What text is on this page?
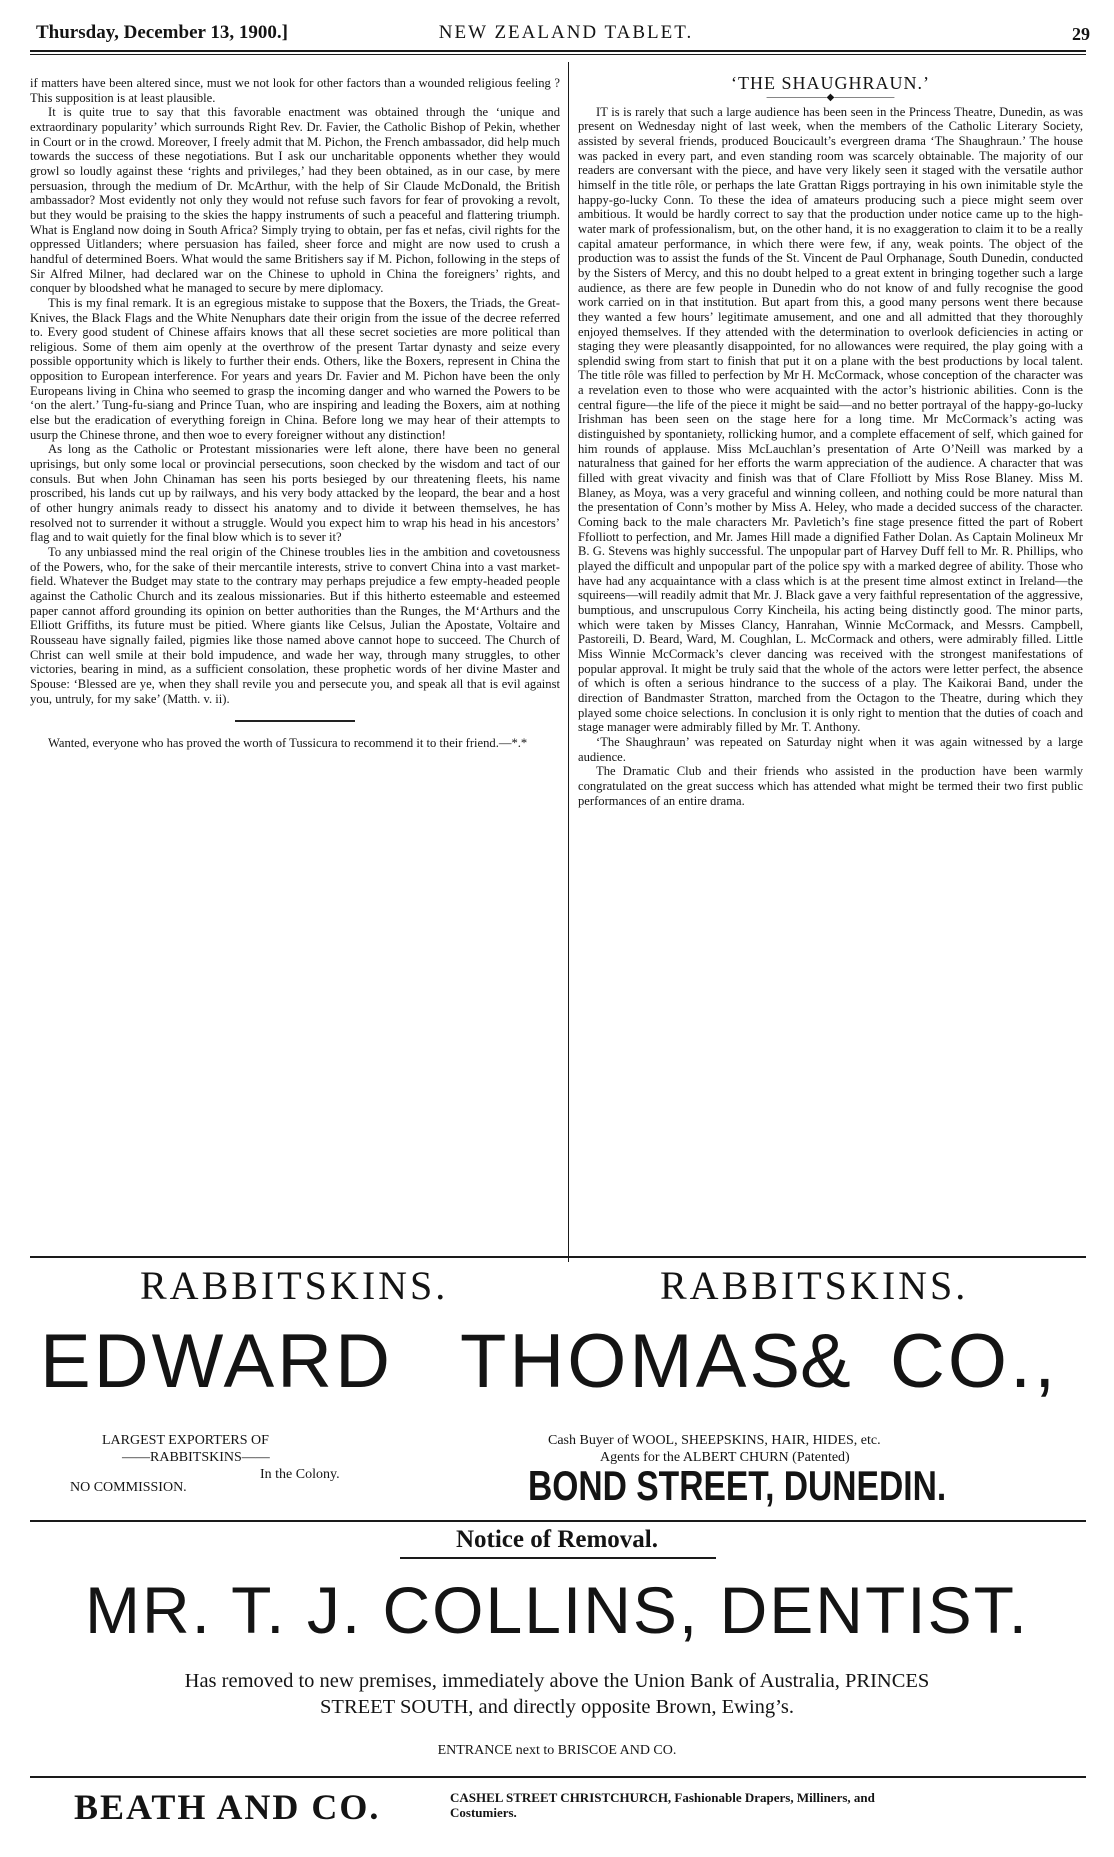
Thursday, December 13, 1900.]	NEW ZEALAND TABLET.	29

if matters have been altered since, must we not look for other factors than a wounded religious feeling ? This supposition is at least plausible.

It is quite true to say that this favorable enactment was obtained through the ‘unique and extraordinary popularity’ which surrounds Right Rev. Dr. Favier, the Catholic Bishop of Pekin, whether in Court or in the crowd. Moreover, I freely admit that M. Pichon, the French ambassador, did help much towards the success of these negotiations. But I ask our uncharitable opponents whether they would growl so loudly against these ‘rights and privileges,’ had they been obtained, as in our case, by mere persuasion, through the medium of Dr. McArthur, with the help of Sir Claude McDonald, the British ambassador? Most evidently not only they would not refuse such favors for fear of provoking a revolt, but they would be praising to the skies the happy instruments of such a peaceful and flattering triumph. What is England now doing in South Africa? Simply trying to obtain, per fas et nefas, civil rights for the oppressed Uitlanders; where persuasion has failed, sheer force and might are now used to crush a handful of determined Boers. What would the same Britishers say if M. Pichon, following in the steps of Sir Alfred Milner, had declared war on the Chinese to uphold in China the foreigners’ rights, and conquer by bloodshed what he managed to secure by mere diplomacy.

This is my final remark. It is an egregious mistake to suppose that the Boxers, the Triads, the Great-Knives, the Black Flags and the White Nenuphars date their origin from the issue of the decree referred to. Every good student of Chinese affairs knows that all these secret societies are more political than religious. Some of them aim openly at the overthrow of the present Tartar dynasty and seize every possible opportunity which is likely to further their ends. Others, like the Boxers, represent in China the opposition to European interference. For years and years Dr. Favier and M. Pichon have been the only Europeans living in China who seemed to grasp the incoming danger and who warned the Powers to be ‘on the alert.’ Tung-fu-siang and Prince Tuan, who are inspiring and leading the Boxers, aim at nothing else but the eradication of everything foreign in China. Before long we may hear of their attempts to usurp the Chinese throne, and then woe to every foreigner without any distinction!

As long as the Catholic or Protestant missionaries were left alone, there have been no general uprisings, but only some local or provincial persecutions, soon checked by the wisdom and tact of our consuls. But when John Chinaman has seen his ports besieged by our threatening fleets, his name proscribed, his lands cut up by railways, and his very body attacked by the leopard, the bear and a host of other hungry animals ready to dissect his anatomy and to divide it between themselves, he has resolved not to surrender it without a struggle. Would you expect him to wrap his head in his ancestors’ flag and to wait quietly for the final blow which is to sever it?

To any unbiassed mind the real origin of the Chinese troubles lies in the ambition and covetousness of the Powers, who, for the sake of their mercantile interests, strive to convert China into a vast market-field. Whatever the Budget may state to the contrary may perhaps prejudice a few empty-headed people against the Catholic Church and its zealous missionaries. But if this hitherto esteemable and esteemed paper cannot afford grounding its opinion on better authorities than the Runges, the M‘Arthurs and the Elliott Griffiths, its future must be pitied. Where giants like Celsus, Julian the Apostate, Voltaire and Rousseau have signally failed, pigmies like those named above cannot hope to succeed. The Church of Christ can well smile at their bold impudence, and wade her way, through many struggles, to other victories, bearing in mind, as a sufficient consolation, these prophetic words of her divine Master and Spouse: ‘Blessed are ye, when they shall revile you and persecute you, and speak all that is evil against you, untruly, for my sake’ (Matth. v. ii).

Wanted, everyone who has proved the worth of Tussicura to recommend it to their friend.—*.*

‘THE SHAUGHRAUN.’
——————◆——————

IT is is rarely that such a large audience has been seen in the Princess Theatre, Dunedin, as was present on Wednesday night of last week, when the members of the Catholic Literary Society, assisted by several friends, produced Boucicault’s evergreen drama ‘The Shaughraun.’ The house was packed in every part, and even standing room was scarcely obtainable. The majority of our readers are conversant with the piece, and have very likely seen it staged with the versatile author himself in the title rôle, or perhaps the late Grattan Riggs portraying in his own inimitable style the happy-go-lucky Conn. To these the idea of amateurs producing such a piece might seem over ambitious. It would be hardly correct to say that the production under notice came up to the high-water mark of professionalism, but, on the other hand, it is no exaggeration to claim it to be a really capital amateur performance, in which there were few, if any, weak points. The object of the production was to assist the funds of the St. Vincent de Paul Orphanage, South Dunedin, conducted by the Sisters of Mercy, and this no doubt helped to a great extent in bringing together such a large audience, as there are few people in Dunedin who do not know of and fully recognise the good work carried on in that institution. But apart from this, a good many persons went there because they wanted a few hours’ legitimate amusement, and one and all admitted that they thoroughly enjoyed themselves. If they attended with the determination to overlook deficiencies in acting or staging they were pleasantly disappointed, for no allowances were required, the play going with a splendid swing from start to finish that put it on a plane with the best productions by local talent. The title rôle was filled to perfection by Mr H. McCormack, whose conception of the character was a revelation even to those who were acquainted with the actor’s histrionic abilities. Conn is the central figure—the life of the piece it might be said—and no better portrayal of the happy-go-lucky Irishman has been seen on the stage here for a long time. Mr McCormack’s acting was distinguished by spontaniety, rollicking humor, and a complete effacement of self, which gained for him rounds of applause. Miss McLauchlan’s presentation of Arte O’Neill was marked by a naturalness that gained for her efforts the warm appreciation of the audience. A character that was filled with great vivacity and finish was that of Clare Ffolliott by Miss Rose Blaney. Miss M. Blaney, as Moya, was a very graceful and winning colleen, and nothing could be more natural than the presentation of Conn’s mother by Miss A. Heley, who made a decided success of the character. Coming back to the male characters Mr. Pavletich’s fine stage presence fitted the part of Robert Ffolliott to perfection, and Mr. James Hill made a dignified Father Dolan. As Captain Molineux Mr B. G. Stevens was highly successful. The unpopular part of Harvey Duff fell to Mr. R. Phillips, who played the difficult and unpopular part of the police spy with a marked degree of ability. Those who have had any acquaintance with a class which is at the present time almost extinct in Ireland—the squireens—will readily admit that Mr. J. Black gave a very faithful representation of the aggressive, bumptious, and unscrupulous Corry Kincheila, his acting being distinctly good. The minor parts, which were taken by Misses Clancy, Hanrahan, Winnie McCormack, and Messrs. Campbell, Pastoreili, D. Beard, Ward, M. Coughlan, L. McCormack and others, were admirably filled. Little Miss Winnie McCormack’s clever dancing was received with the strongest manifestations of popular approval. It might be truly said that the whole of the actors were letter perfect, the absence of which is often a serious hindrance to the success of a play. The Kaikorai Band, under the direction of Bandmaster Stratton, marched from the Octagon to the Theatre, during which they played some choice selections. In conclusion it is only right to mention that the duties of coach and stage manager were admirably filled by Mr. T. Anthony.

‘The Shaughraun’ was repeated on Saturday night when it was again witnessed by a large audience.

The Dramatic Club and their friends who assisted in the production have been warmly congratulated on the great success which has attended what might be termed their two first public performances of an entire drama.

RABBITSKINS.	RABBITSKINS.
EDWARD THOMAS
& CO.,
LARGEST EXPORTERS OF
——RABBITSKINS——
In the Colony.
NO COMMISSION.
Cash Buyer of WOOL, SHEEPSKINS, HAIR, HIDES, etc.
Agents for the ALBERT CHURN (Patented)
BOND STREET, DUNEDIN.
Notice of Removal.
MR. T. J. COLLINS, DENTIST.
Has removed to new premises, immediately above the Union Bank of Australia, PRINCES
STREET SOUTH, and directly opposite Brown, Ewing’s.
ENTRANCE next to BRISCOE AND CO.
BEATH AND CO.	CASHEL STREET CHRISTCHURCH, Fashionable Drapers, Milliners, and
Costumiers.
